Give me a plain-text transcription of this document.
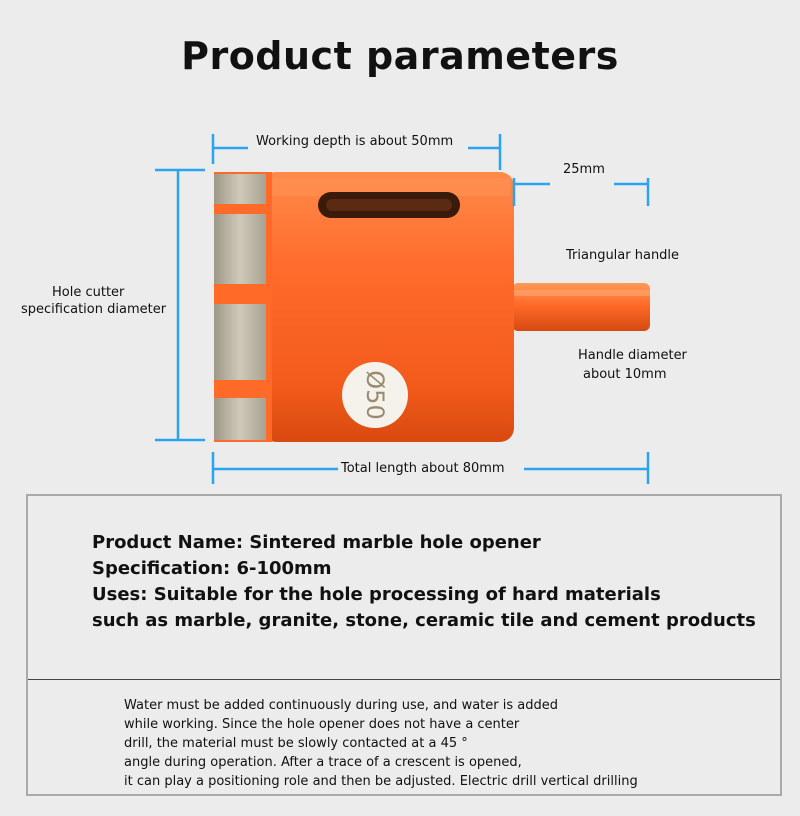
Product parameters
Ø50
Working depth is about 50mm
25mm
Triangular handle
Hole cutter
specification diameter
Handle diameter
about 10mm
Total length about 80mm
Product Name: Sintered marble hole opener
Specification: 6-100mm
Uses: Suitable for the hole processing of hard materials
such as marble, granite, stone, ceramic tile and cement products
Water must be added continuously during use, and water is added
while working. Since the hole opener does not have a center
drill, the material must be slowly contacted at a 45 °
angle during operation. After a trace of a crescent is opened,
it can play a positioning role and then be adjusted. Electric drill vertical drilling
